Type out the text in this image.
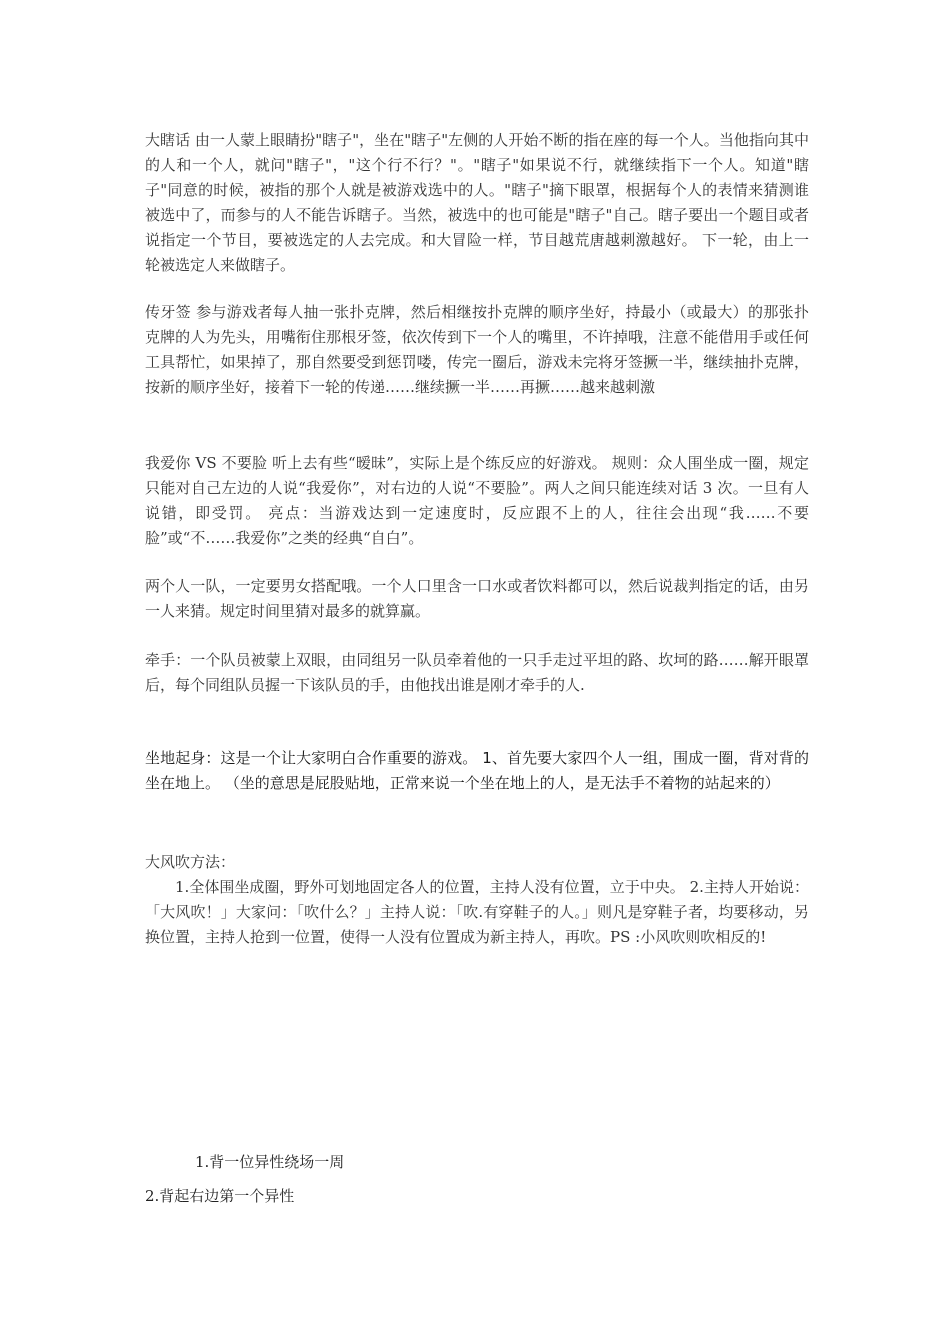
大瞎话 由一人蒙上眼睛扮"瞎子"，坐在"瞎子"左侧的人开始不断的指在座的每一个人。当他指向其中的人和一个人，就问"瞎子"，"这个行不行？"。"瞎子"如果说不行，就继续指下一个人。知道"瞎子"同意的时候，被指的那个人就是被游戏选中的人。"瞎子"摘下眼罩，根据每个人的表情来猜测谁被选中了，而参与的人不能告诉瞎子。当然，被选中的也可能是"瞎子"自己。瞎子要出一个题目或者说指定一个节目，要被选定的人去完成。和大冒险一样，节目越荒唐越刺激越好。 下一轮，由上一轮被选定人来做瞎子。

传牙签 参与游戏者每人抽一张扑克牌，然后相继按扑克牌的顺序坐好，持最小（或最大）的那张扑克牌的人为先头，用嘴衔住那根牙签，依次传到下一个人的嘴里，不许掉哦，注意不能借用手或任何工具帮忙，如果掉了，那自然要受到惩罚喽，传完一圈后，游戏未完将牙签撅一半，继续抽扑克牌，按新的顺序坐好，接着下一轮的传递……继续撅一半……再撅……越来越刺激

我爱你 VS 不要脸 听上去有些“暧昧”，实际上是个练反应的好游戏。 规则：众人围坐成一圈，规定只能对自己左边的人说“我爱你”，对右边的人说“不要脸”。两人之间只能连续对话 3 次。一旦有人说错，即受罚。 亮点：当游戏达到一定速度时，反应跟不上的人，往往会出现“我……不要脸”或“不……我爱你”之类的经典“自白”。

两个人一队，一定要男女搭配哦。一个人口里含一口水或者饮料都可以，然后说裁判指定的话，由另一人来猜。规定时间里猜对最多的就算赢。

牵手：一个队员被蒙上双眼，由同组另一队员牵着他的一只手走过平坦的路、坎坷的路……解开眼罩后，每个同组队员握一下该队员的手，由他找出谁是刚才牵手的人.

坐地起身：这是一个让大家明白合作重要的游戏。 1、首先要大家四个人一组，围成一圈，背对背的坐在地上。 （坐的意思是屁股贴地，正常来说一个坐在地上的人，是无法手不着物的站起来的）

大风吹方法：

1.全体围坐成圈，野外可划地固定各人的位置，主持人没有位置，立于中央。 2.主持人开始说：「大风吹！」大家问：「吹什么？」主持人说：「吹.有穿鞋子的人。」则凡是穿鞋子者，均要移动，另换位置，主持人抢到一位置，使得一人没有位置成为新主持人，再吹。PS :小风吹则吹相反的!

1.背一位异性绕场一周

2.背起右边第一个异性
